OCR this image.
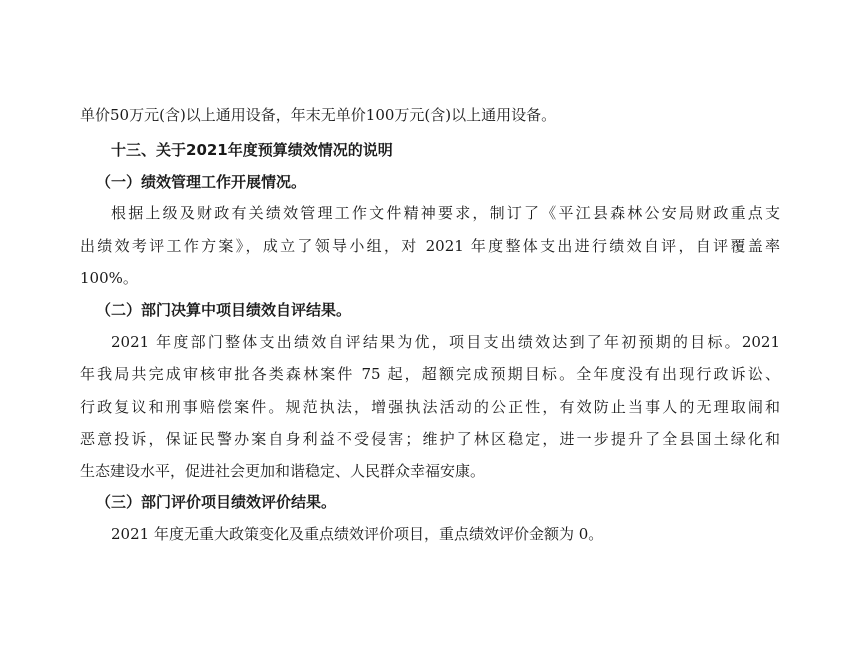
单价50万元(含)以上通用设备，年末无单价100万元(含)以上通用设备。
十三、关于2021年度预算绩效情况的说明
（一）绩效管理工作开展情况。
根据上级及财政有关绩效管理工作文件精神要求，制订了《平江县森林公安局财政重点支
出绩效考评工作方案》，成立了领导小组，对 2021 年度整体支出进行绩效自评，自评覆盖率
100%。
（二）部门决算中项目绩效自评结果。
2021 年度部门整体支出绩效自评结果为优，项目支出绩效达到了年初预期的目标。2021
年我局共完成审核审批各类森林案件 75 起，超额完成预期目标。全年度没有出现行政诉讼、
行政复议和刑事赔偿案件。规范执法，增强执法活动的公正性，有效防止当事人的无理取闹和
恶意投诉，保证民警办案自身利益不受侵害；维护了林区稳定，进一步提升了全县国土绿化和
生态建设水平，促进社会更加和谐稳定、人民群众幸福安康。
（三）部门评价项目绩效评价结果。
2021 年度无重大政策变化及重点绩效评价项目，重点绩效评价金额为 0。
